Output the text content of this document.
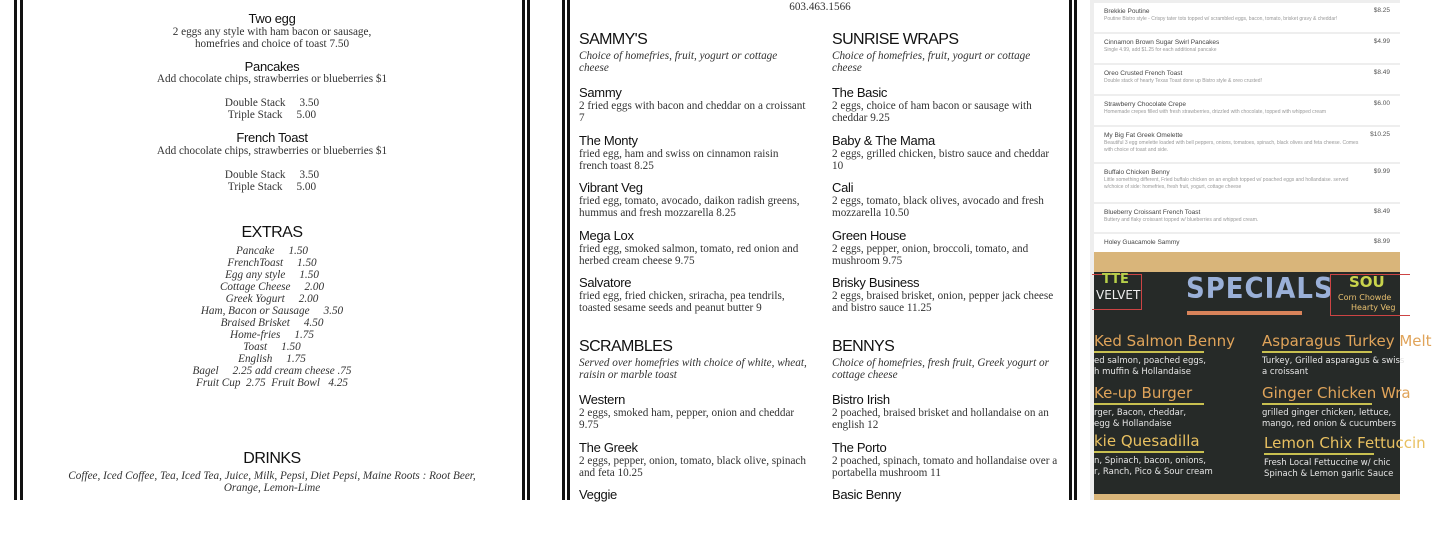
Two egg
2 eggs any style with ham bacon or sausage,
homefries and choice of toast 7.50
Pancakes
Add chocolate chips, strawberries or blueberries $1
Double Stack     3.50
Triple Stack     5.00
French Toast
Add chocolate chips, strawberries or blueberries $1
Double Stack     3.50
Triple Stack     5.00
EXTRAS
Pancake     1.50
FrenchToast     1.50
Egg any style     1.50
Cottage Cheese     2.00
Greek Yogurt     2.00
Ham, Bacon or Sausage     3.50
Braised Brisket     4.50
Home-fries     1.75
Toast     1.50
English     1.75
Bagel     2.25 add cream cheese .75
Fruit Cup  2.75  Fruit Bowl   4.25
DRINKS
Coffee, Iced Coffee, Tea, Iced Tea, Juice, Milk, Pepsi, Diet Pepsi, Maine Roots : Root Beer,
Orange, Lemon-Lime
603.463.1566
SAMMY'S
Choice of homefries, fruit, yogurt or cottage cheese
Sammy
2 fried eggs with bacon and cheddar on a croissant 7
The Monty
fried egg, ham and swiss on cinnamon raisin french toast 8.25
Vibrant Veg
fried egg, tomato, avocado, daikon radish greens, hummus and fresh mozzarella 8.25
Mega Lox
fried egg, smoked salmon, tomato, red onion and herbed cream cheese 9.75
Salvatore
fried egg, fried chicken, sriracha, pea tendrils, toasted sesame seeds and peanut butter 9
SUNRISE WRAPS
Choice of homefries, fruit, yogurt or cottage cheese
The Basic
2 eggs, choice of ham bacon or sausage with cheddar 9.25
Baby & The Mama
2 eggs, grilled chicken, bistro sauce and cheddar 10
Cali
2 eggs, tomato, black olives, avocado and fresh mozzarella 10.50
Green House
2 eggs, pepper, onion, broccoli, tomato, and mushroom 9.75
Brisky Business
2 eggs, braised brisket, onion, pepper jack cheese and bistro sauce 11.25
SCRAMBLES
Served over homefries with choice of white, wheat, raisin or marble toast
Western
2 eggs, smoked ham, pepper, onion and cheddar 9.75
The Greek
2 eggs, pepper, onion, tomato, black olive, spinach and feta 10.25
Veggie
BENNYS
Choice of homefries, fresh fruit, Greek yogurt or cottage cheese
Bistro Irish
2 poached, braised brisket and hollandaise on an english 12
The Porto
2 poached, spinach, tomato and hollandaise over a portabella mushroom 11
Basic Benny
Brekkie Poutine	$8.25
Poutine Bistro style - Crispy tater tots topped w/ scrambled eggs, bacon, tomato, brisket gravy & cheddar!
Cinnamon Brown Sugar Swirl Pancakes	$4.99
Single 4.99, add $1.25 for each additional pancake
Oreo Crusted French Toast	$8.49
Double stack of hearty Texas Toast done up Bistro style & oreo crusted!
Strawberry Chocolate Crepe	$6.00
Homemade crepes filled with fresh strawberries, drizzled with chocolate, topped with whipped cream
My Big Fat Greek Omelette	$10.25
Beautiful 3 egg omelette loaded with bell peppers, onions, tomatoes, spinach, black olives and feta cheese. Comes with choice of toast and side.
Buffalo Chicken Benny	$9.99
Little something different, Fried buffalo chicken on an english topped w/ poached eggs and hollandaise. served w/choice of side: homefries, fresh fruit, yogurt, cottage cheese
Blueberry Croissant French Toast	$8.49
Buttery and flaky croissant topped w/ blueberries and whipped cream.
Holey Guacamole Sammy	$8.99
TTE
VELVET SPECIALS SOU
Corn Chowde
Hearty Veg
Ked Salmon Benny
ed salmon, poached eggs,
h muffin & Hollandaise
Ke-up Burger
rger, Bacon, cheddar,
egg & Hollandaise
kie Quesadilla
n, Spinach, bacon, onions,
r, Ranch, Pico & Sour cream
Asparagus Turkey Melt
Turkey, Grilled asparagus & swiss
a croissant
Ginger Chicken Wra
grilled ginger chicken, lettuce,
mango, red onion & cucumbers
Lemon Chix Fettuccin
Fresh Local Fettuccine w/ chic
Spinach & Lemon garlic Sauce
